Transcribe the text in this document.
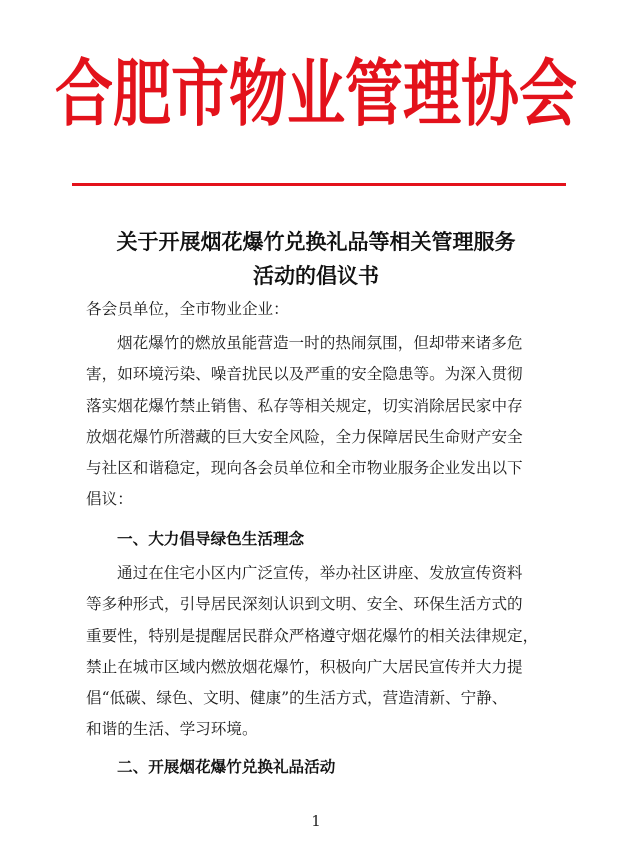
合肥市物业管理协会
关于开展烟花爆竹兑换礼品等相关管理服务
活动的倡议书
各会员单位，全市物业企业：
烟花爆竹的燃放虽能营造一时的热闹氛围，但却带来诸多危
害，如环境污染、噪音扰民以及严重的安全隐患等。为深入贯彻
落实烟花爆竹禁止销售、私存等相关规定，切实消除居民家中存
放烟花爆竹所潜藏的巨大安全风险，全力保障居民生命财产安全
与社区和谐稳定，现向各会员单位和全市物业服务企业发出以下
倡议：
一、大力倡导绿色生活理念
通过在住宅小区内广泛宣传，举办社区讲座、发放宣传资料
等多种形式，引导居民深刻认识到文明、安全、环保生活方式的
重要性，特别是提醒居民群众严格遵守烟花爆竹的相关法律规定，
禁止在城市区域内燃放烟花爆竹，积极向广大居民宣传并大力提
倡“低碳、绿色、文明、健康”的生活方式，营造清新、宁静、
和谐的生活、学习环境。
二、开展烟花爆竹兑换礼品活动
1
